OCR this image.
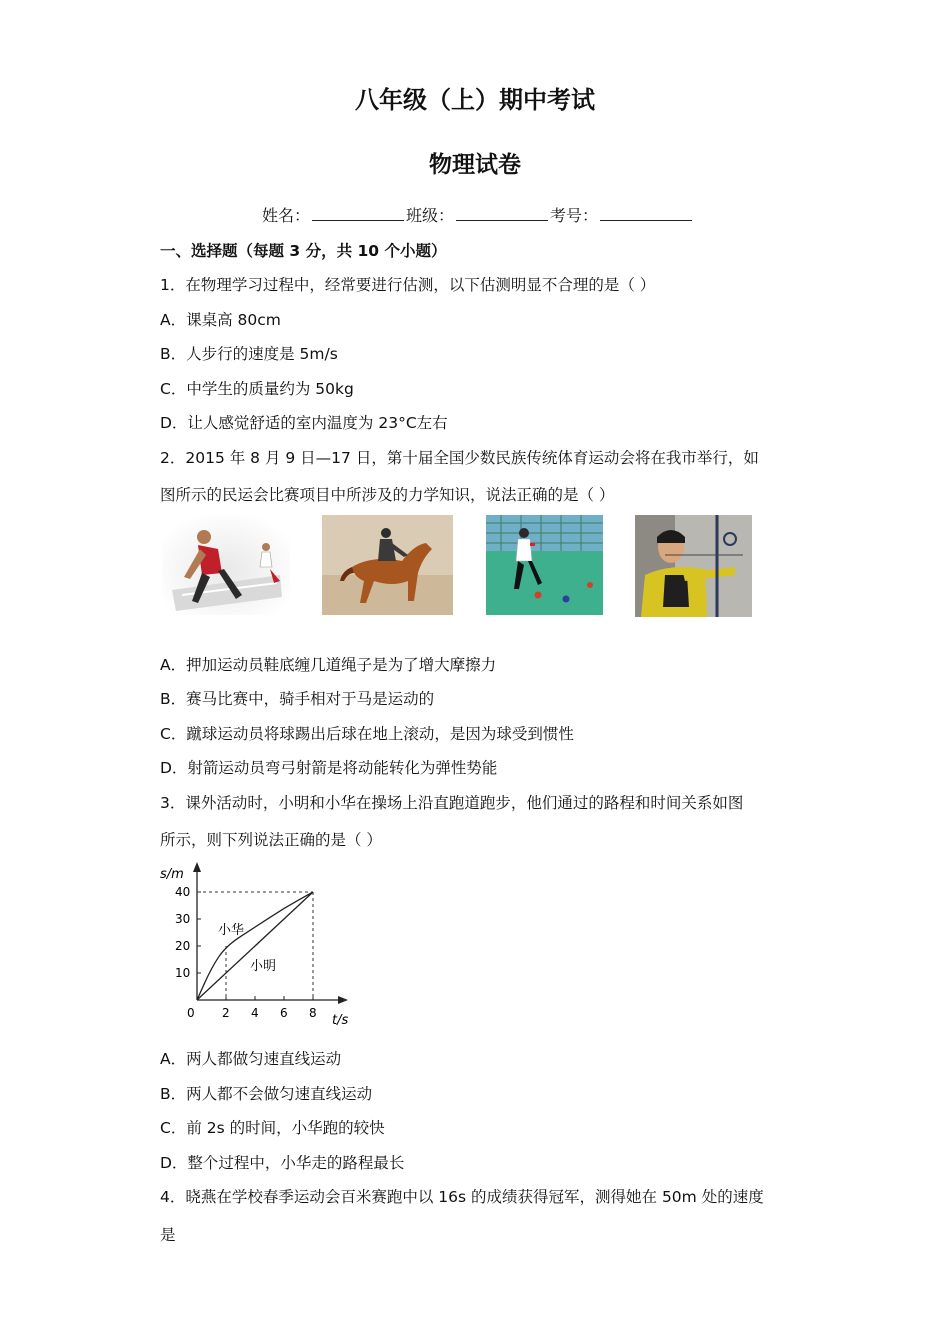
八年级（上）期中考试
物理试卷
姓名：	班级：	考号：
一、选择题（每题 3 分，共 10 个小题）
1．在物理学习过程中，经常要进行估测，以下估测明显不合理的是（ ）
A．课桌高 80cm
B．人步行的速度是 5m/s
C．中学生的质量约为 50kg
D．让人感觉舒适的室内温度为 23°C左右
2．2015 年 8 月 9 日—17 日，第十届全国少数民族传统体育运动会将在我市举行，如
图所示的民运会比赛项目中所涉及的力学知识，说法正确的是（ ）
A．押加运动员鞋底缠几道绳子是为了增大摩擦力
B．赛马比赛中，骑手相对于马是运动的
C．蹴球运动员将球踢出后球在地上滚动，是因为球受到惯性
D．射箭运动员弯弓射箭是将动能转化为弹性势能
3．课外活动时，小明和小华在操场上沿直跑道跑步，他们通过的路程和时间关系如图
所示，则下列说法正确的是（ ）
s/m
t/s
0 2 4 6 8
10
20
30
40
小华
小明
A．两人都做匀速直线运动
B．两人都不会做匀速直线运动
C．前 2s 的时间，小华跑的较快
D．整个过程中，小华走的路程最长
4．晓燕在学校春季运动会百米赛跑中以 16s 的成绩获得冠军，测得她在 50m 处的速度
是
